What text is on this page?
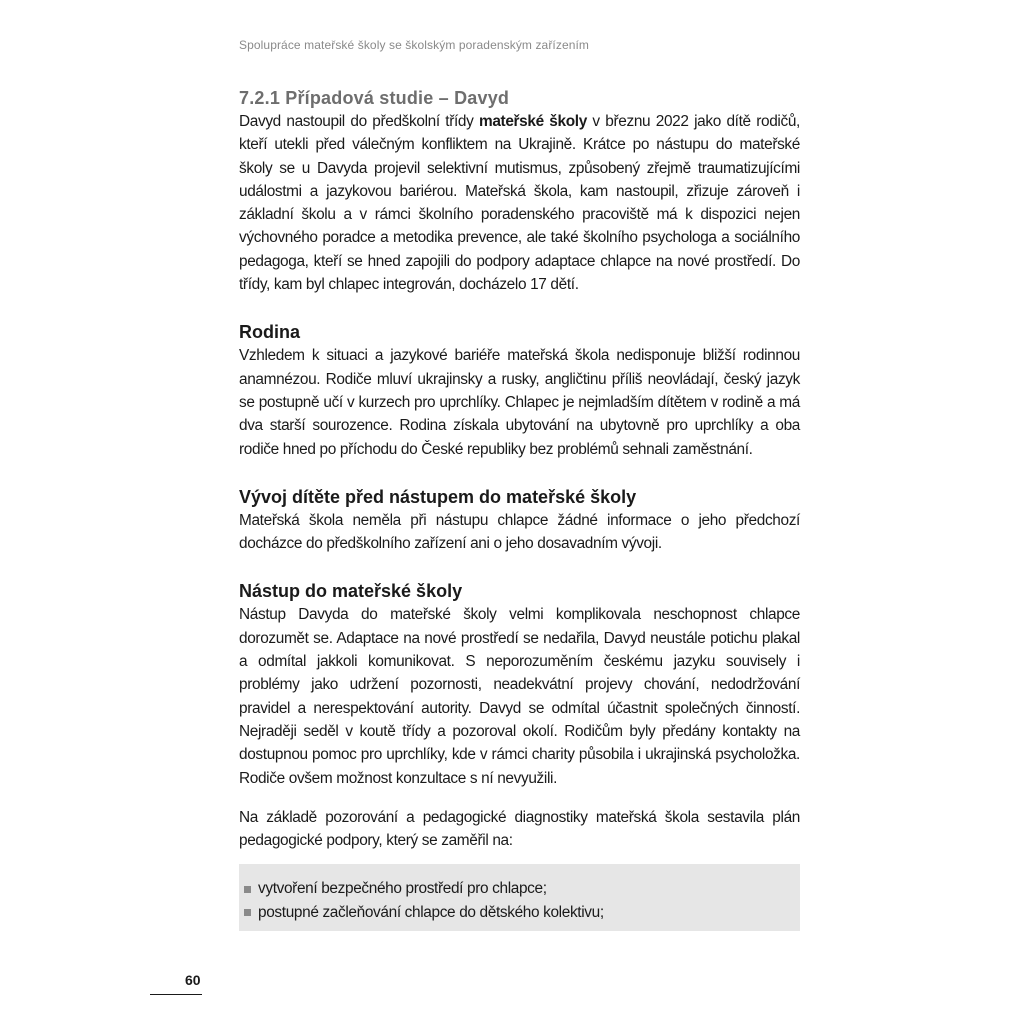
Spolupráce mateřské školy se školským poradenským zařízením
7.2.1 Případová studie – Davyd

Davyd nastoupil do předškolní třídy mateřské školy v březnu 2022 jako dítě rodičů, kteří utekli před válečným konfliktem na Ukrajině. Krátce po nástupu do mateřské školy se u Davyda projevil selektivní mutismus, způsobený zřejmě traumatizujícími událostmi a jazykovou bariérou. Mateřská škola, kam nastoupil, zřizuje zároveň i základní školu a v rámci školního poradenského pracoviště má k dispozici nejen výchovného poradce a metodika prevence, ale také školního psychologa a sociálního pedagoga, kteří se hned zapojili do podpory adaptace chlapce na nové prostředí. Do třídy, kam byl chlapec integrován, docházelo 17 dětí.

Rodina

Vzhledem k situaci a jazykové bariéře mateřská škola nedisponuje bližší rodinnou anamnézou. Rodiče mluví ukrajinsky a rusky, angličtinu příliš neovládají, český jazyk se postupně učí v kurzech pro uprchlíky. Chlapec je nejmladším dítětem v rodině a má dva starší sourozence. Rodina získala ubytování na ubytovně pro uprchlíky a oba rodiče hned po příchodu do České republiky bez problémů sehnali zaměstnání.

Vývoj dítěte před nástupem do mateřské školy

Mateřská škola neměla při nástupu chlapce žádné informace o jeho předchozí docházce do předškolního zařízení ani o jeho dosavadním vývoji.

Nástup do mateřské školy

Nástup Davyda do mateřské školy velmi komplikovala neschopnost chlapce dorozumět se. Adaptace na nové prostředí se nedařila, Davyd neustále potichu plakal a odmítal jakkoli komunikovat. S neporozuměním českému jazyku souvisely i problémy jako udržení pozornosti, neadekvátní projevy chování, nedodržování pravidel a nerespektování autority. Davyd se odmítal účastnit společných činností. Nejraději seděl v koutě třídy a pozoroval okolí. Rodičům byly předány kontakty na dostupnou pomoc pro uprchlíky, kde v rámci charity působila i ukrajinská psycholožka. Rodiče ovšem možnost konzultace s ní nevyužili.

Na základě pozorování a pedagogické diagnostiky mateřská škola sestavila plán pedagogické podpory, který se zaměřil na:

vytvoření bezpečného prostředí pro chlapce;
postupné začleňování chlapce do dětského kolektivu;
60
